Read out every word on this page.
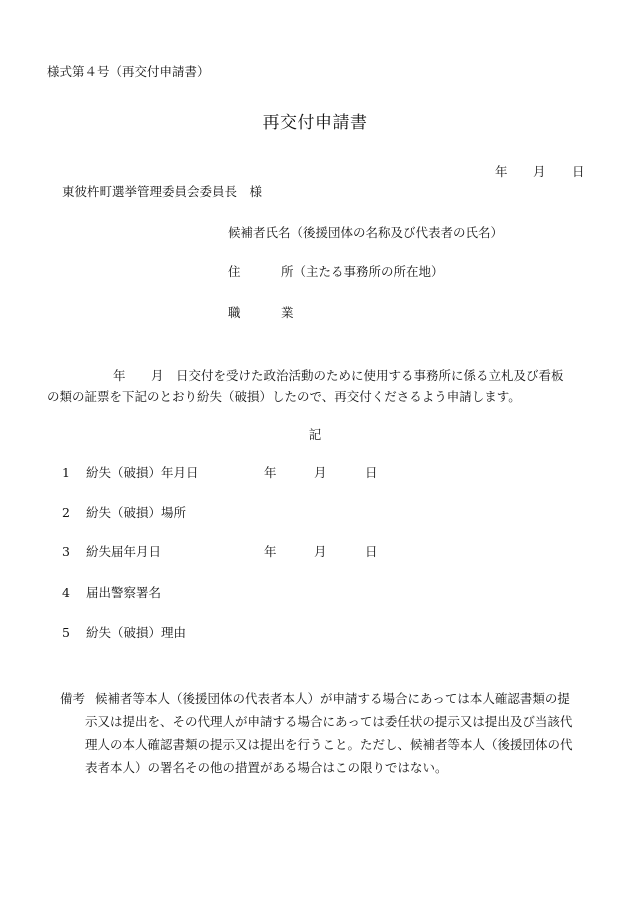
様式第４号（再交付申請書）
再交付申請書
年 月 日
東彼杵町選挙管理委員会委員長　様
候補者氏名（後援団体の名称及び代表者の氏名）
住	所（主たる事務所の所在地）
職	業
年 月 日交付を受けた政治活動のために使用する事務所に係る立札及び看板
の類の証票を下記のとおり紛失（破損）したので、再交付くださるよう申請します。
記
1 紛失（破損）年月日	年	月	日
2 紛失（破損）場所
3 紛失届年月日	年	月	日
4 届出警察署名
5 紛失（破損）理由
備考 候補者等本人（後援団体の代表者本人）が申請する場合にあっては本人確認書類の提
示又は提出を、その代理人が申請する場合にあっては委任状の提示又は提出及び当該代
理人の本人確認書類の提示又は提出を行うこと。ただし、候補者等本人（後援団体の代
表者本人）の署名その他の措置がある場合はこの限りではない。
